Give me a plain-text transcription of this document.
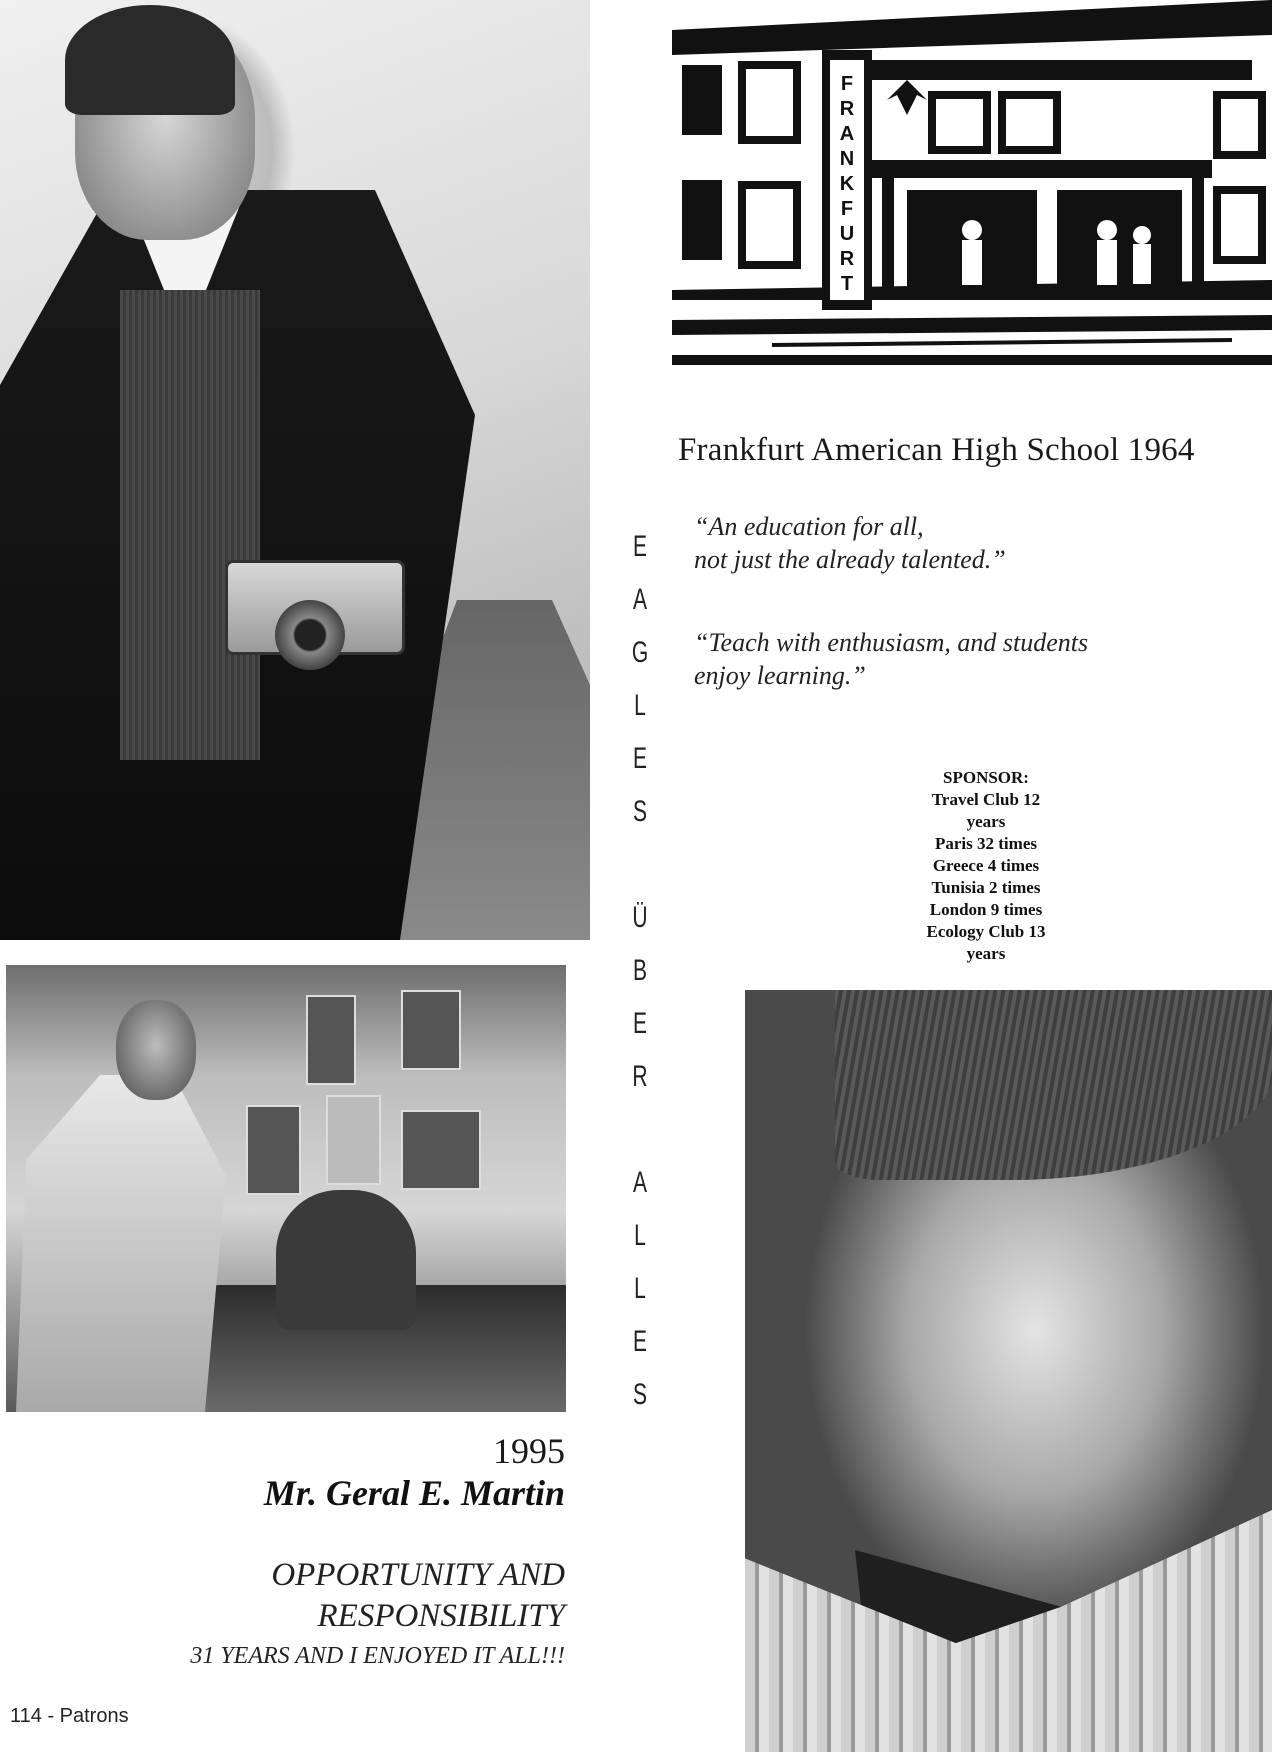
F
R
A
N
K
F
U
R
T
Frankfurt American High School 1964
“An education for all,
not just the already talented.”
“Teach with enthusiasm, and students
enjoy learning.”
SPONSOR:
Travel Club 12
years
Paris 32 times
Greece 4 times
Tunisia 2 times
London 9 times
Ecology Club 13
years
E
A
G
L
E
S
Ü
B
E
R
A
L
L
E
S
1995
Mr. Geral E. Martin
OPPORTUNITY AND
RESPONSIBILITY
31 YEARS AND I ENJOYED IT ALL!!!
114 - Patrons
